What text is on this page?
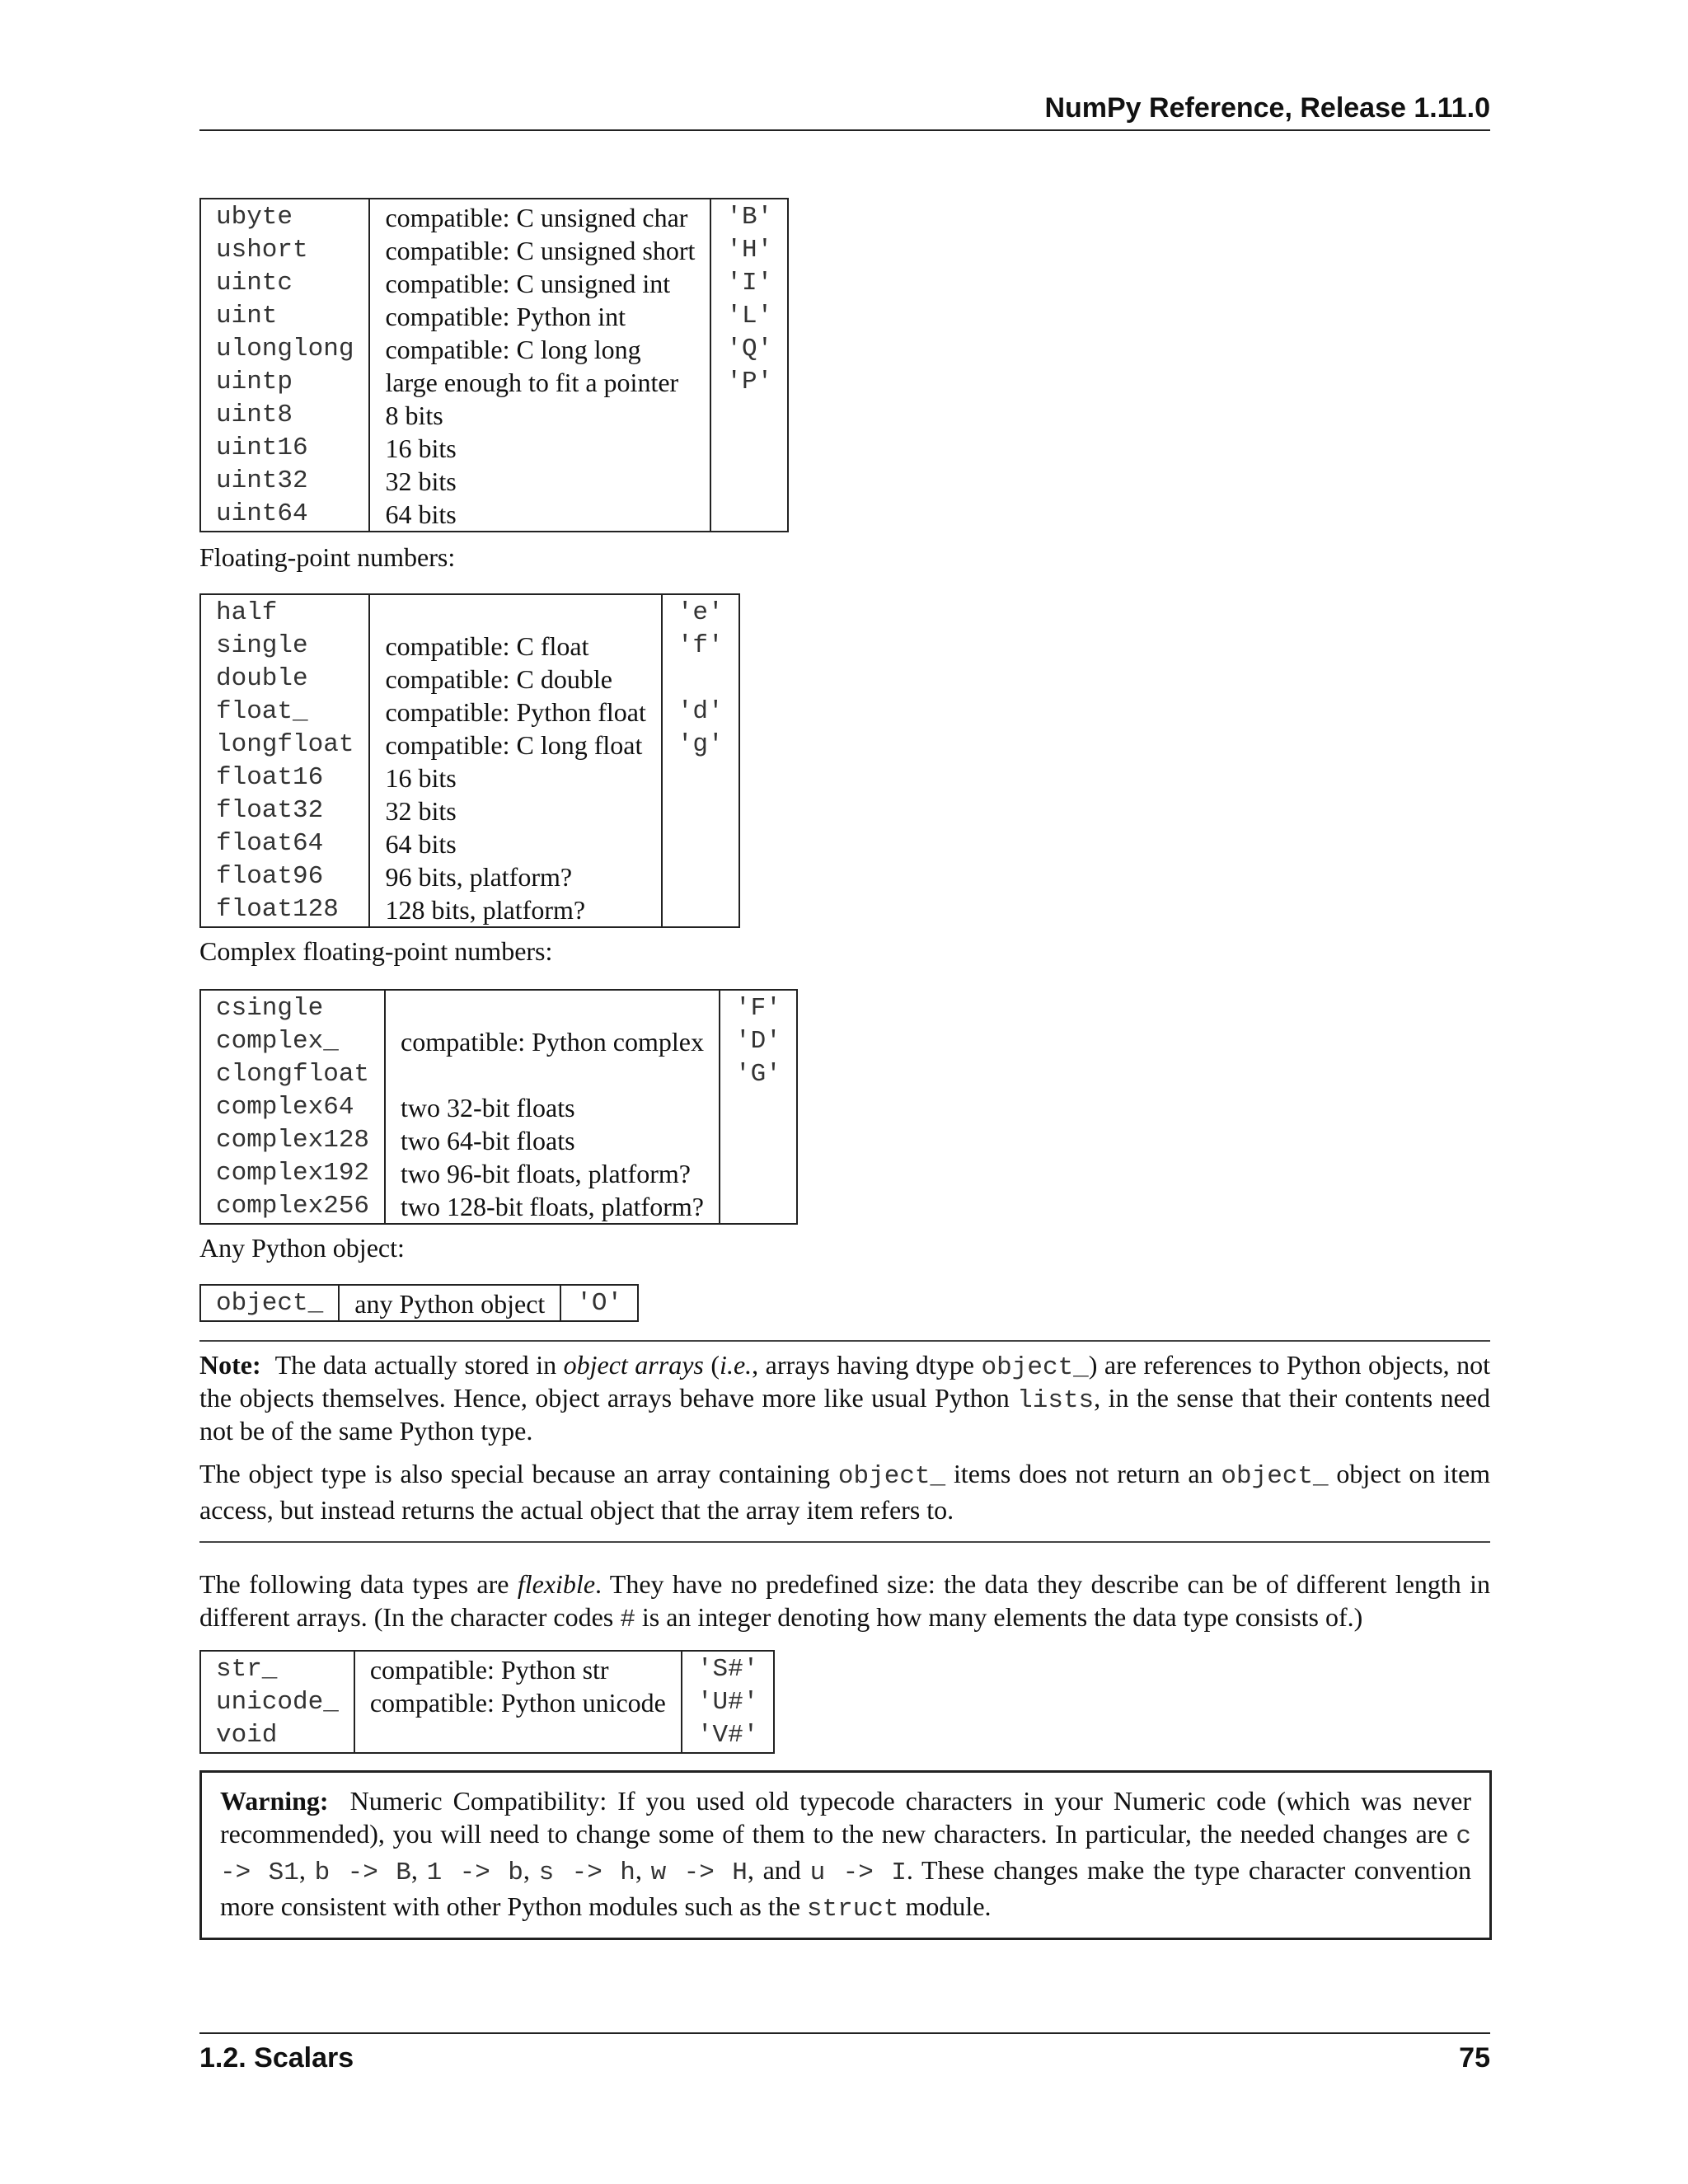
NumPy Reference, Release 1.11.0
ubyte	compatible: C unsigned char	'B'
ushort	compatible: C unsigned short	'H'
uintc	compatible: C unsigned int	'I'
uint	compatible: Python int	'L'
ulonglong	compatible: C long long	'Q'
uintp	large enough to fit a pointer	'P'
uint8	8 bits	
uint16	16 bits	
uint32	32 bits	
uint64	64 bits	
Floating-point numbers:
half		'e'
single	compatible: C float	'f'
double	compatible: C double	
float_	compatible: Python float	'd'
longfloat	compatible: C long float	'g'
float16	16 bits	
float32	32 bits	
float64	64 bits	
float96	96 bits, platform?	
float128	128 bits, platform?	
Complex floating-point numbers:
csingle		'F'
complex_	compatible: Python complex	'D'
clongfloat		'G'
complex64	two 32-bit floats	
complex128	two 64-bit floats	
complex192	two 96-bit floats, platform?	
complex256	two 128-bit floats, platform?	
Any Python object:
object_	any Python object	'O'
Note: The data actually stored in object arrays (i.e., arrays having dtype object_) are references to Python objects, not the objects themselves. Hence, object arrays behave more like usual Python lists, in the sense that their contents need not be of the same Python type.
The object type is also special because an array containing object_ items does not return an object_ object on item access, but instead returns the actual object that the array item refers to.
The following data types are flexible. They have no predefined size: the data they describe can be of different length in different arrays. (In the character codes # is an integer denoting how many elements the data type consists of.)
str_	compatible: Python str	'S#'
unicode_	compatible: Python unicode	'U#'
void		'V#'
Warning: Numeric Compatibility: If you used old typecode characters in your Numeric code (which was never recommended), you will need to change some of them to the new characters. In particular, the needed changes are c -> S1, b -> B, 1 -> b, s -> h, w -> H, and u -> I. These changes make the type character convention more consistent with other Python modules such as the struct module.
1.2. Scalars	75
